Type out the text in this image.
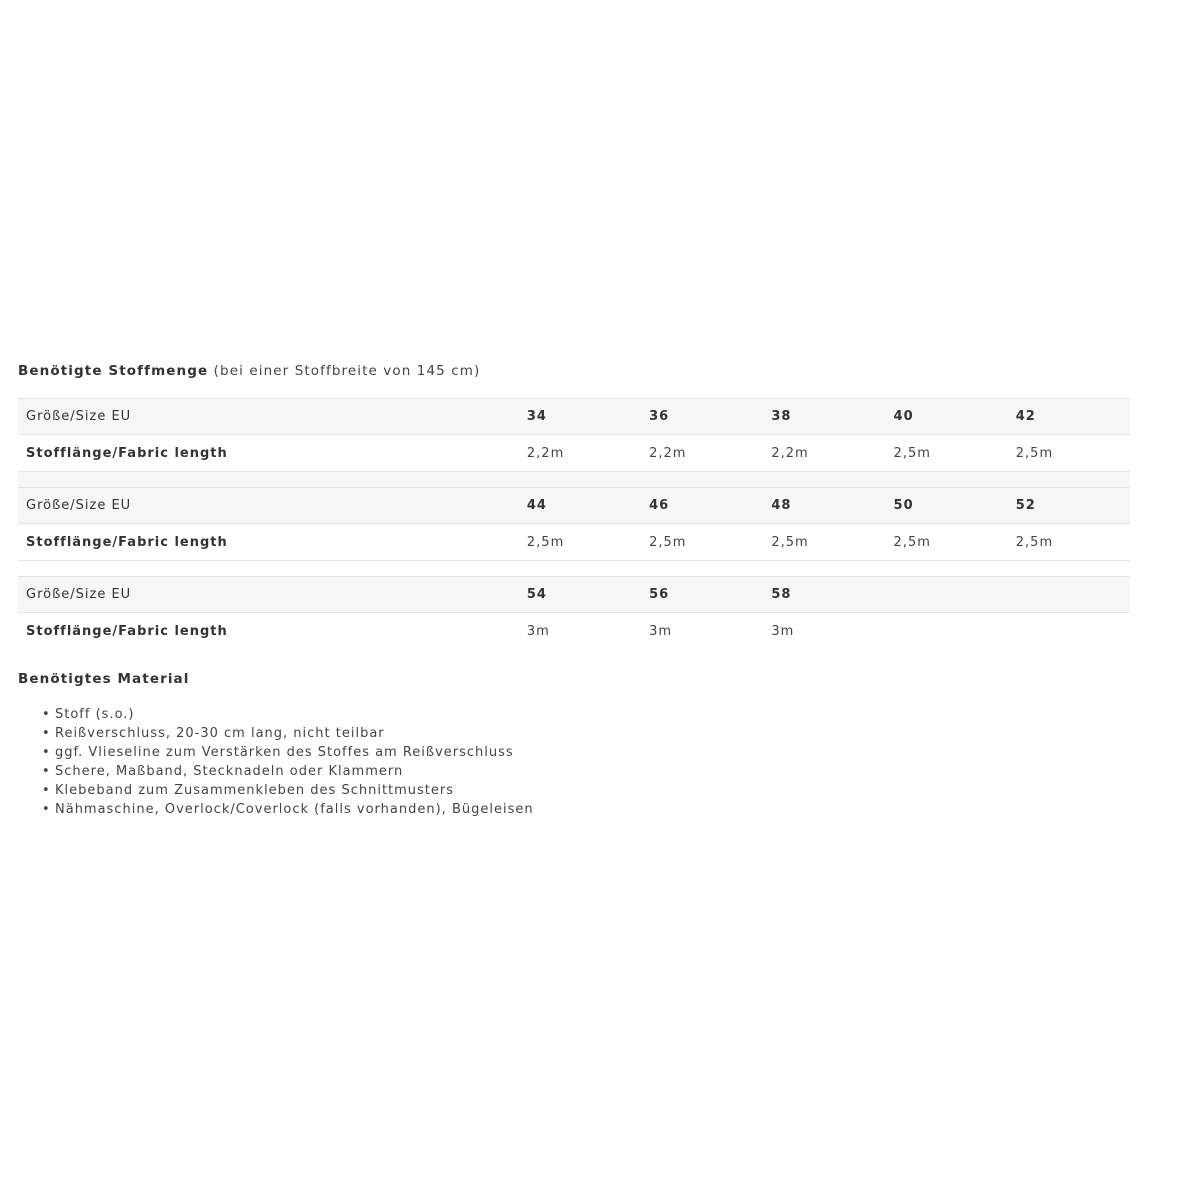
Benötigte Stoffmenge (bei einer Stoffbreite von 145 cm)

Größe/Size EU	34	36	38	40	42
Stofflänge/Fabric length	2,2m	2,2m	2,2m	2,5m	2,5m

Größe/Size EU	44	46	48	50	52
Stofflänge/Fabric length	2,5m	2,5m	2,5m	2,5m	2,5m

Größe/Size EU	54	56	58		
Stofflänge/Fabric length	3m	3m	3m		
Benötigtes Material
• Stoff (s.o.)
• Reißverschluss, 20-30 cm lang, nicht teilbar
• ggf. Vlieseline zum Verstärken des Stoffes am Reißverschluss
• Schere, Maßband, Stecknadeln oder Klammern
• Klebeband zum Zusammenkleben des Schnittmusters
• Nähmaschine, Overlock/Coverlock (falls vorhanden), Bügeleisen
